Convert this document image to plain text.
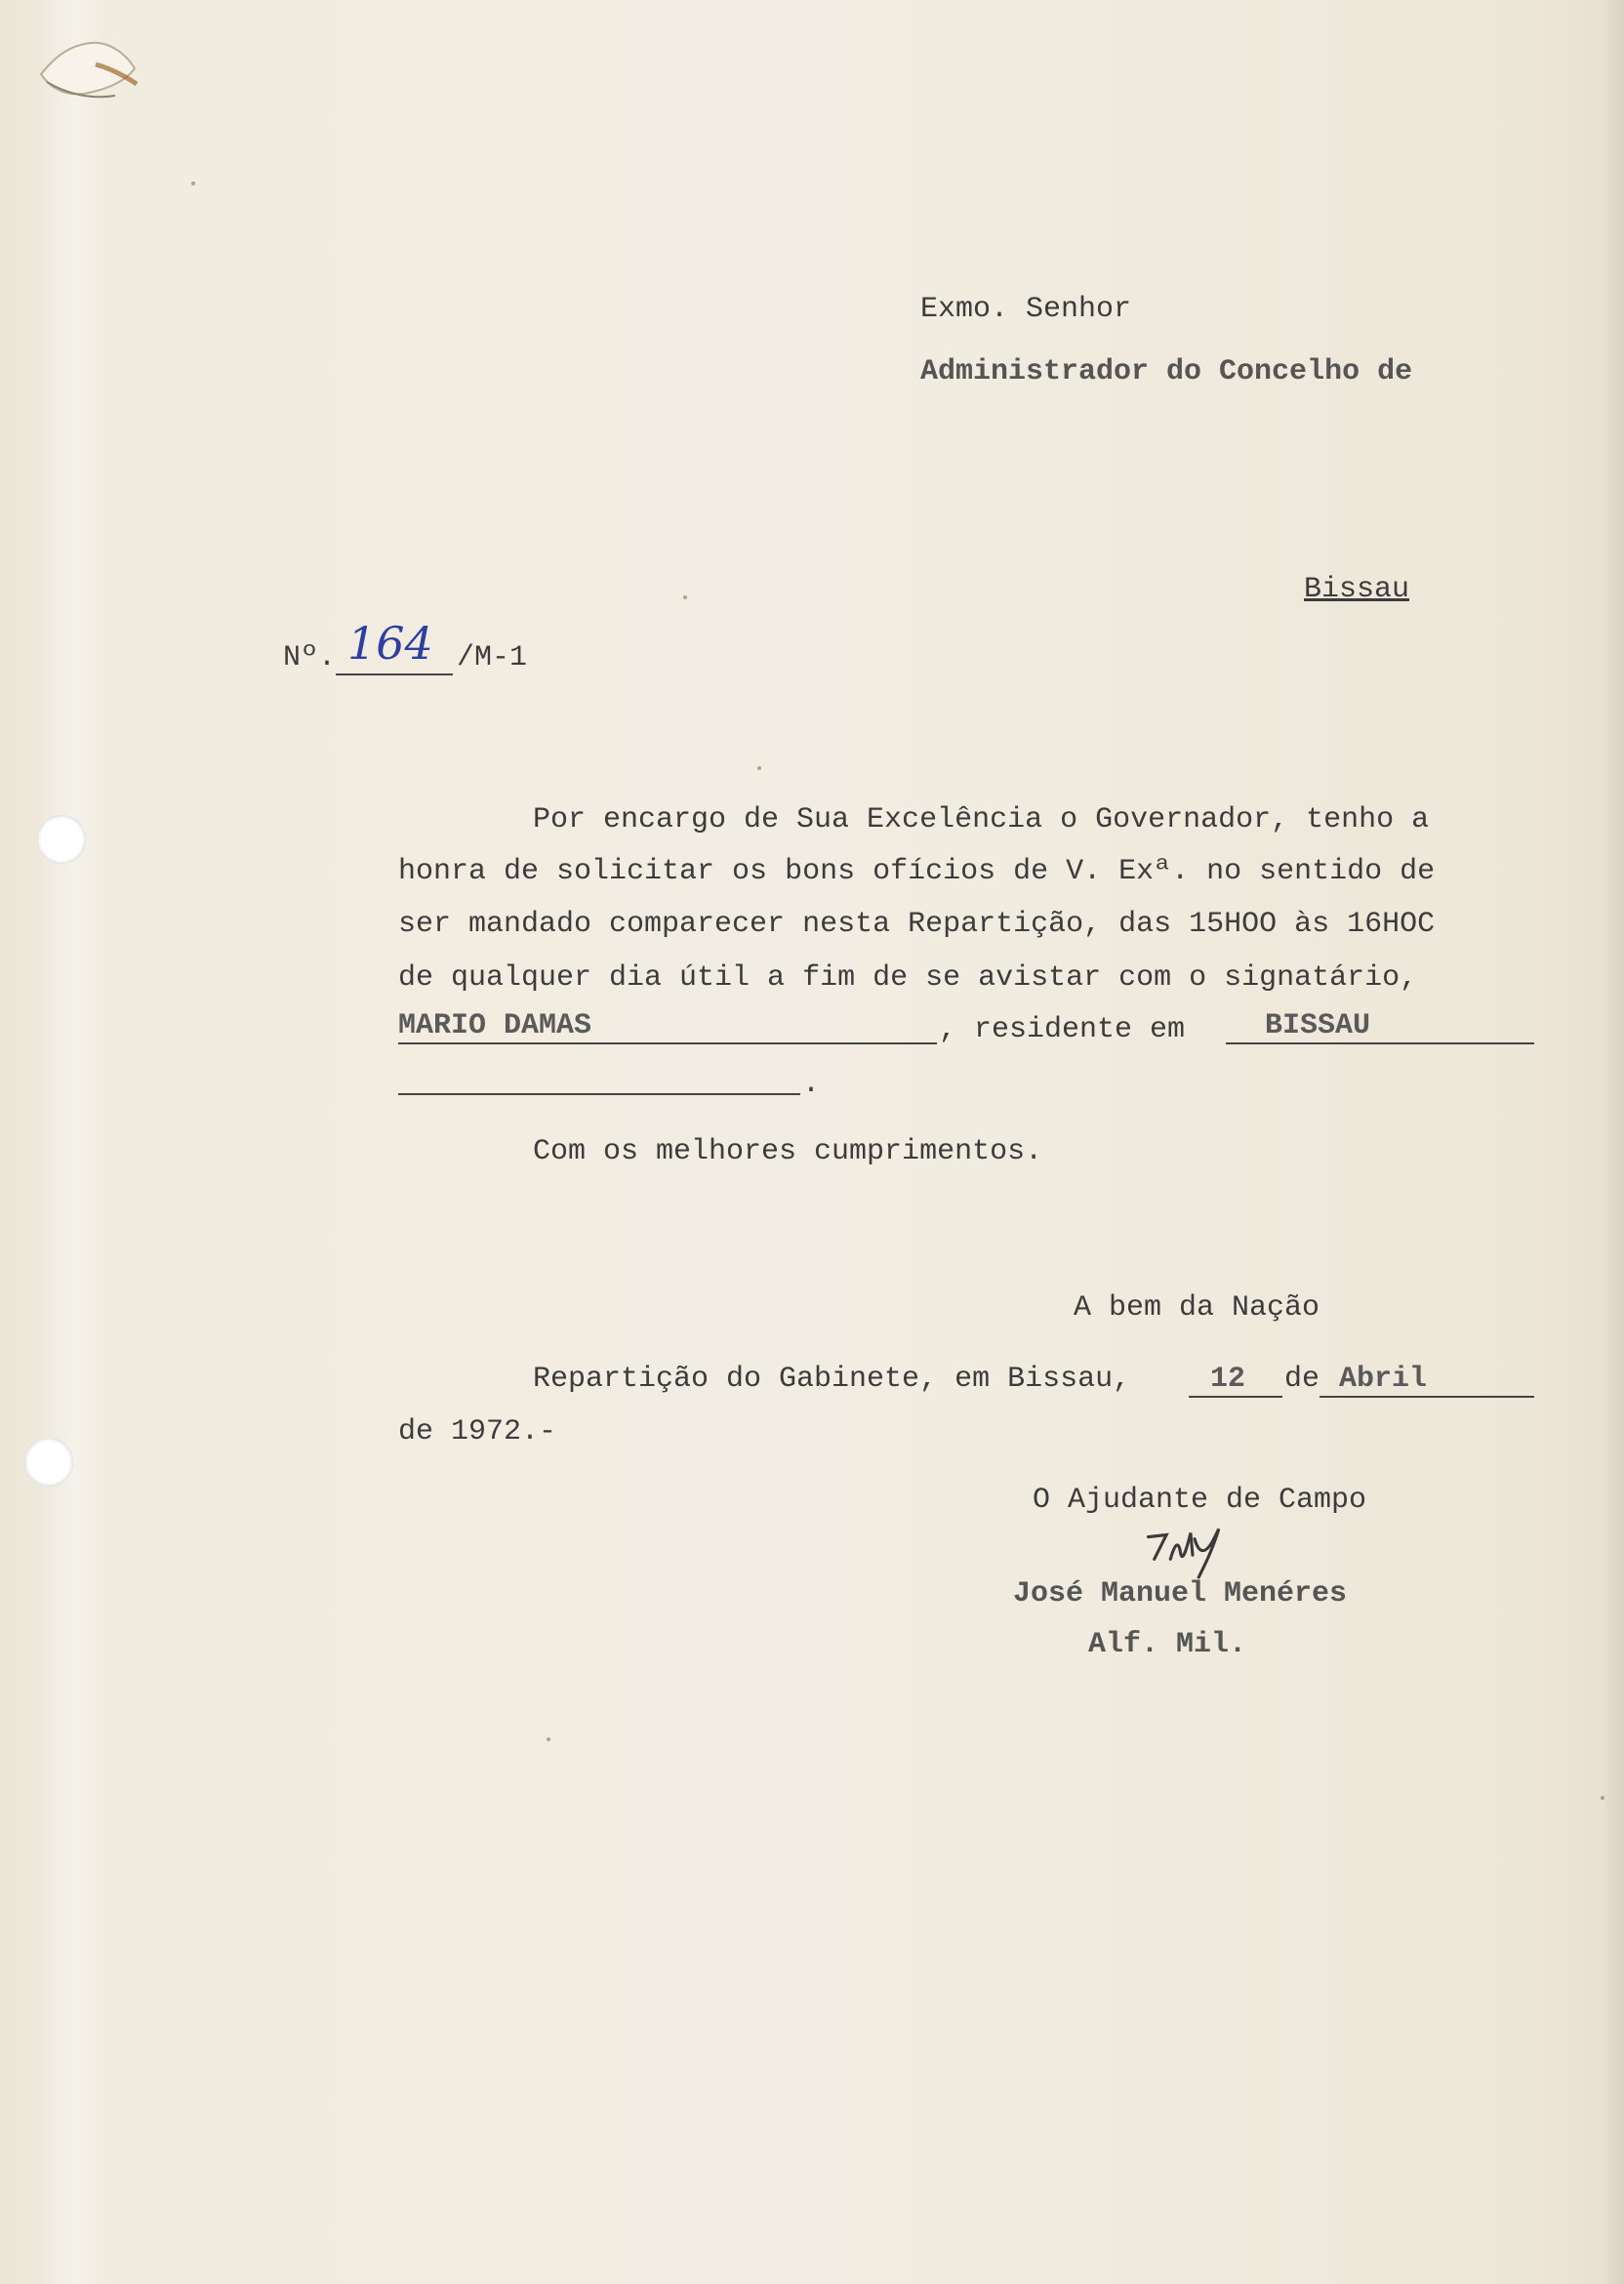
Exmo. Senhor
Administrador do Concelho de
Bissau
Nº. 164 /M-1
Por encargo de Sua Excelência o Governador, tenho a
honra de solicitar os bons ofícios de V. Exª. no sentido de
ser mandado comparecer nesta Repartição, das 15HOO às 16HOC
de qualquer dia útil a fim de se avistar com o signatário,
MARIO DAMAS	, residente em	BISSAU
.
Com os melhores cumprimentos.
A bem da Nação
Repartição do Gabinete, em Bissau,	12 de Abril
de 1972.-
O Ajudante de Campo
José Manuel Menéres
Alf. Mil.
